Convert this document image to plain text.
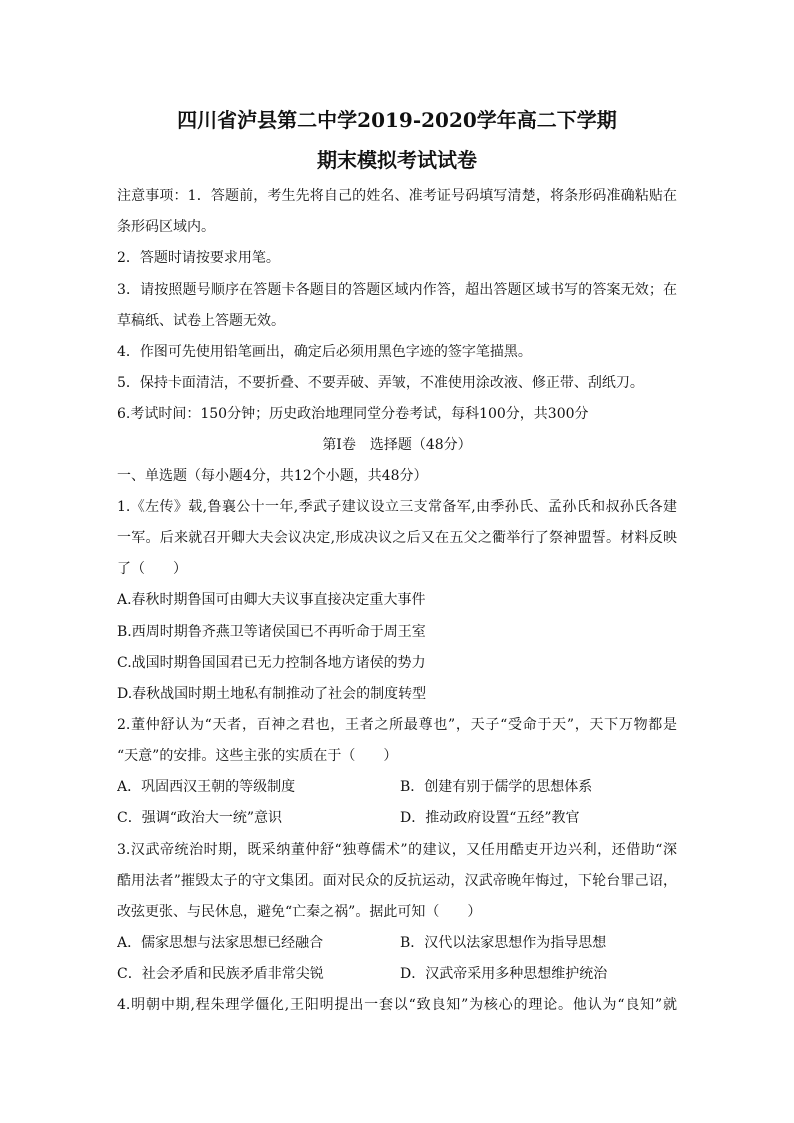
四川省泸县第二中学2019-2020学年高二下学期
期末模拟考试试卷
注意事项：1．答题前，考生先将自己的姓名、准考证号码填写清楚，将条形码准确粘贴在
条形码区域内。
2．答题时请按要求用笔。
3．请按照题号顺序在答题卡各题目的答题区域内作答，超出答题区域书写的答案无效；在
草稿纸、试卷上答题无效。
4．作图可先使用铅笔画出，确定后必须用黑色字迹的签字笔描黑。
5．保持卡面清洁，不要折叠、不要弄破、弄皱，不准使用涂改液、修正带、刮纸刀。
6.考试时间：150分钟；历史政治地理同堂分卷考试，每科100分，共300分
第Ⅰ卷　选择题（48分）
一、单选题（每小题4分，共12个小题，共48分）
1.《左传》载,鲁襄公十一年,季武子建议设立三支常备军,由季孙氏、孟孙氏和叔孙氏各建
一军。后来就召开卿大夫会议决定,形成决议之后又在五父之衢举行了祭神盟誓。材料反映
了（　　）
A.春秋时期鲁国可由卿大夫议事直接决定重大事件
B.西周时期鲁齐燕卫等诸侯国已不再听命于周王室
C.战国时期鲁国国君已无力控制各地方诸侯的势力
D.春秋战国时期土地私有制推动了社会的制度转型
2.董仲舒认为“天者，百神之君也，王者之所最尊也”，天子“受命于天”，天下万物都是
“天意”的安排。这些主张的实质在于（　　）
A．巩固西汉王朝的等级制度	B．创建有别于儒学的思想体系
C．强调“政治大一统”意识	D．推动政府设置“五经”教官
3.汉武帝统治时期，既采纳董仲舒“独尊儒术”的建议，又任用酷吏开边兴利，还借助“深
酷用法者”摧毁太子的守文集团。面对民众的反抗运动，汉武帝晚年悔过，下轮台罪己诏，
改弦更张、与民休息，避免“亡秦之祸”。据此可知（　　）
A．儒家思想与法家思想已经融合	B．汉代以法家思想作为指导思想
C．社会矛盾和民族矛盾非常尖锐	D．汉武帝采用多种思想维护统治
4.明朝中期,程朱理学僵化,王阳明提出一套以“致良知”为核心的理论。他认为“良知”就
